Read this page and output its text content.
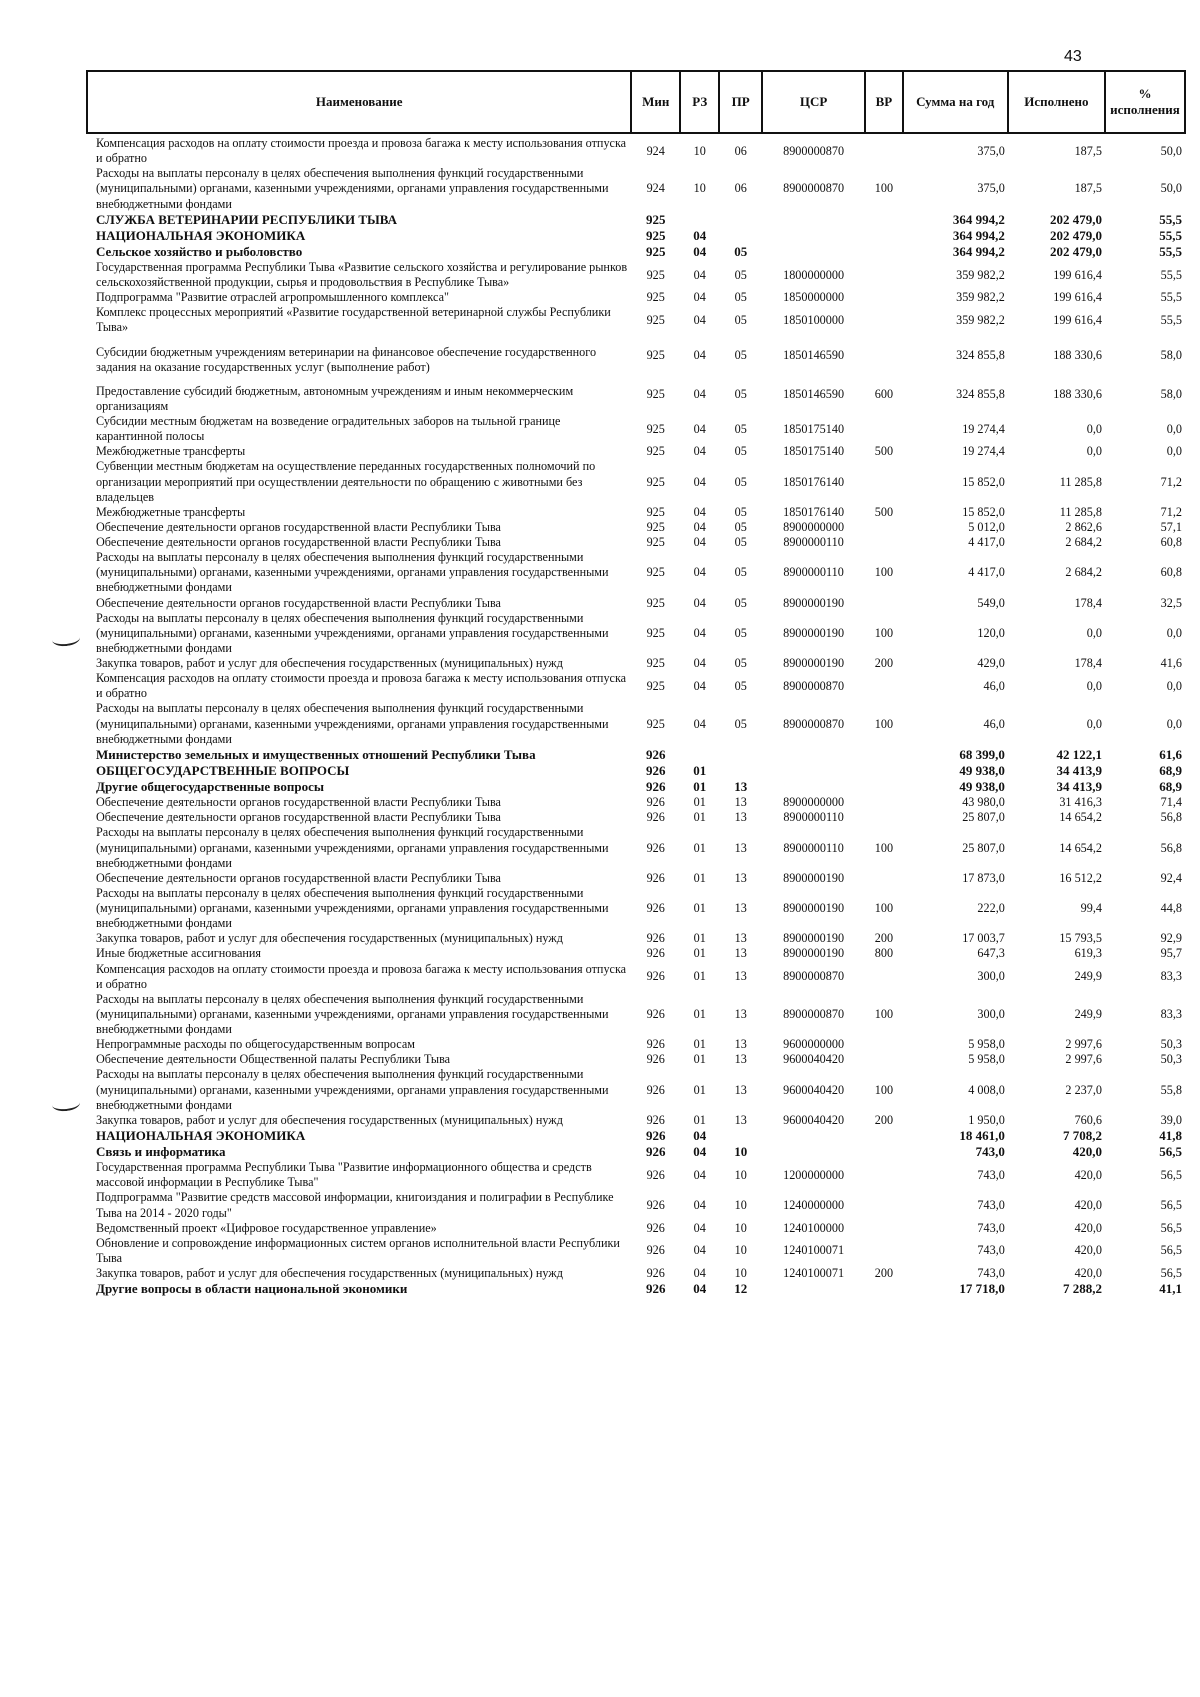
43
Наименование	Мин	РЗ	ПР	ЦСР	ВР	Сумма на год	Исполнено	% исполнения
Компенсация расходов на оплату стоимости проезда и провоза багажа к месту использования отпуска и обратно	924	10	06	8900000870		375,0	187,5	50,0
Расходы на выплаты персоналу в целях обеспечения выполнения функций государственными (муниципальными) органами, казенными учреждениями, органами управления государственными внебюджетными фондами	924	10	06	8900000870	100	375,0	187,5	50,0
СЛУЖБА ВЕТЕРИНАРИИ РЕСПУБЛИКИ ТЫВА	925					364 994,2	202 479,0	55,5
НАЦИОНАЛЬНАЯ ЭКОНОМИКА	925	04				364 994,2	202 479,0	55,5
Сельское хозяйство и рыболовство	925	04	05			364 994,2	202 479,0	55,5
Государственная программа Республики Тыва «Развитие сельского хозяйства и регулирование рынков сельскохозяйственной продукции, сырья и продовольствия в Республике Тыва»	925	04	05	1800000000		359 982,2	199 616,4	55,5
Подпрограмма "Развитие отраслей агропромышленного комплекса"	925	04	05	1850000000		359 982,2	199 616,4	55,5
Комплекс процессных мероприятий «Развитие государственной ветеринарной службы Республики Тыва»	925	04	05	1850100000		359 982,2	199 616,4	55,5
Субсидии бюджетным учреждениям ветеринарии на финансовое обеспечение государственного задания на оказание государственных услуг (выполнение работ)	925	04	05	1850146590		324 855,8	188 330,6	58,0
Предоставление субсидий бюджетным, автономным учреждениям и иным некоммерческим организациям	925	04	05	1850146590	600	324 855,8	188 330,6	58,0
Субсидии местным бюджетам на возведение оградительных заборов на тыльной границе карантинной полосы	925	04	05	1850175140		19 274,4	0,0	0,0
Межбюджетные трансферты	925	04	05	1850175140	500	19 274,4	0,0	0,0
Субвенции местным бюджетам на осуществление переданных государственных полномочий по организации мероприятий при осуществлении деятельности по обращению с животными без владельцев	925	04	05	1850176140		15 852,0	11 285,8	71,2
Межбюджетные трансферты	925	04	05	1850176140	500	15 852,0	11 285,8	71,2
Обеспечение деятельности органов государственной власти Республики Тыва	925	04	05	8900000000		5 012,0	2 862,6	57,1
Обеспечение деятельности органов государственной власти Республики Тыва	925	04	05	8900000110		4 417,0	2 684,2	60,8
Расходы на выплаты персоналу в целях обеспечения выполнения функций государственными (муниципальными) органами, казенными учреждениями, органами управления государственными внебюджетными фондами	925	04	05	8900000110	100	4 417,0	2 684,2	60,8
Обеспечение деятельности органов государственной власти Республики Тыва	925	04	05	8900000190		549,0	178,4	32,5
Расходы на выплаты персоналу в целях обеспечения выполнения функций государственными (муниципальными) органами, казенными учреждениями, органами управления государственными внебюджетными фондами	925	04	05	8900000190	100	120,0	0,0	0,0
Закупка товаров, работ и услуг для обеспечения государственных (муниципальных) нужд	925	04	05	8900000190	200	429,0	178,4	41,6
Компенсация расходов на оплату стоимости проезда и провоза багажа к месту использования отпуска и обратно	925	04	05	8900000870		46,0	0,0	0,0
Расходы на выплаты персоналу в целях обеспечения выполнения функций государственными (муниципальными) органами, казенными учреждениями, органами управления государственными внебюджетными фондами	925	04	05	8900000870	100	46,0	0,0	0,0
Министерство земельных и имущественных отношений Республики Тыва	926					68 399,0	42 122,1	61,6
ОБЩЕГОСУДАРСТВЕННЫЕ ВОПРОСЫ	926	01				49 938,0	34 413,9	68,9
Другие общегосударственные вопросы	926	01	13			49 938,0	34 413,9	68,9
Обеспечение деятельности органов государственной власти Республики Тыва	926	01	13	8900000000		43 980,0	31 416,3	71,4
Обеспечение деятельности органов государственной власти Республики Тыва	926	01	13	8900000110		25 807,0	14 654,2	56,8
Расходы на выплаты персоналу в целях обеспечения выполнения функций государственными (муниципальными) органами, казенными учреждениями, органами управления государственными внебюджетными фондами	926	01	13	8900000110	100	25 807,0	14 654,2	56,8
Обеспечение деятельности органов государственной власти Республики Тыва	926	01	13	8900000190		17 873,0	16 512,2	92,4
Расходы на выплаты персоналу в целях обеспечения выполнения функций государственными (муниципальными) органами, казенными учреждениями, органами управления государственными внебюджетными фондами	926	01	13	8900000190	100	222,0	99,4	44,8
Закупка товаров, работ и услуг для обеспечения государственных (муниципальных) нужд	926	01	13	8900000190	200	17 003,7	15 793,5	92,9
Иные бюджетные ассигнования	926	01	13	8900000190	800	647,3	619,3	95,7
Компенсация расходов на оплату стоимости проезда и провоза багажа к месту использования отпуска и обратно	926	01	13	8900000870		300,0	249,9	83,3
Расходы на выплаты персоналу в целях обеспечения выполнения функций государственными (муниципальными) органами, казенными учреждениями, органами управления государственными внебюджетными фондами	926	01	13	8900000870	100	300,0	249,9	83,3
Непрограммные расходы по общегосударственным вопросам	926	01	13	9600000000		5 958,0	2 997,6	50,3
Обеспечение деятельности Общественной палаты Республики Тыва	926	01	13	9600040420		5 958,0	2 997,6	50,3
Расходы на выплаты персоналу в целях обеспечения выполнения функций государственными (муниципальными) органами, казенными учреждениями, органами управления государственными внебюджетными фондами	926	01	13	9600040420	100	4 008,0	2 237,0	55,8
Закупка товаров, работ и услуг для обеспечения государственных (муниципальных) нужд	926	01	13	9600040420	200	1 950,0	760,6	39,0
НАЦИОНАЛЬНАЯ ЭКОНОМИКА	926	04				18 461,0	7 708,2	41,8
Связь и информатика	926	04	10			743,0	420,0	56,5
Государственная программа Республики Тыва "Развитие информационного общества и средств массовой информации в Республике Тыва"	926	04	10	1200000000		743,0	420,0	56,5
Подпрограмма "Развитие средств массовой информации, книгоиздания и полиграфии в Республике Тыва на 2014 - 2020 годы"	926	04	10	1240000000		743,0	420,0	56,5
Ведомственный проект «Цифровое государственное управление»	926	04	10	1240100000		743,0	420,0	56,5
Обновление и сопровождение информационных систем органов исполнительной власти Республики Тыва	926	04	10	1240100071		743,0	420,0	56,5
Закупка товаров, работ и услуг для обеспечения государственных (муниципальных) нужд	926	04	10	1240100071	200	743,0	420,0	56,5
Другие вопросы в области национальной экономики	926	04	12			17 718,0	7 288,2	41,1
